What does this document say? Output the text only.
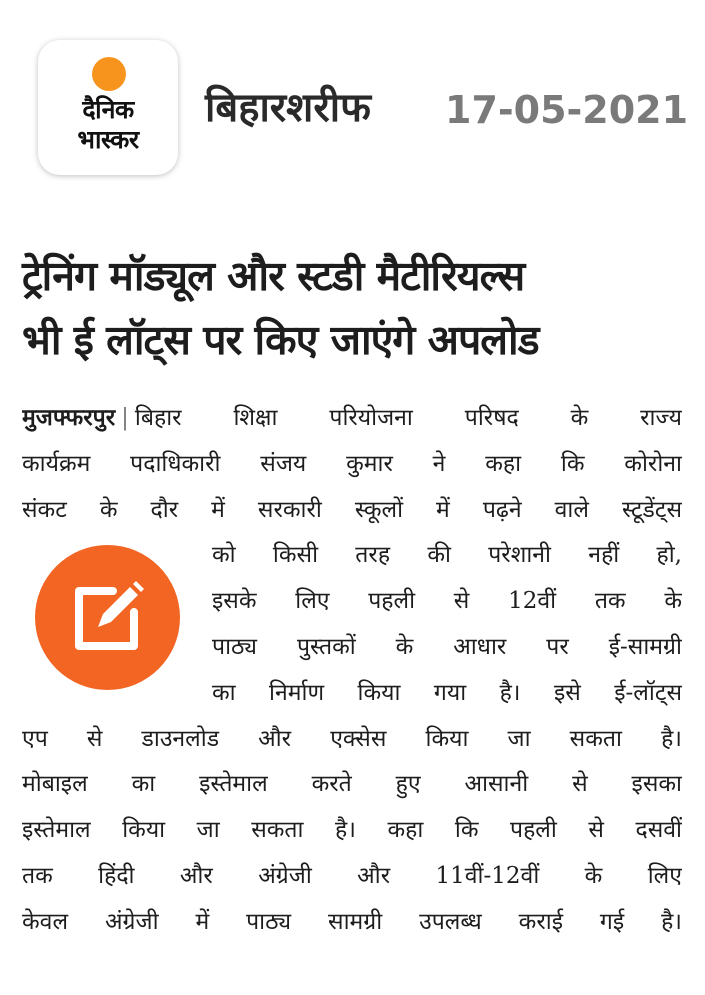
दैनिक
भास्कर
बिहारशरीफ 17-05-2021
ट्रेनिंग मॉड्यूल और स्टडी मैटीरियल्स
भी ई लॉट्स पर किए जाएंगे अपलोड
मुजफ्फरपुर | बिहार शिक्षा परियोजना परिषद के राज्य
कार्यक्रम पदाधिकारी संजय कुमार ने कहा कि कोरोना
संकट के दौर में सरकारी स्कूलों में पढ़ने वाले स्टूडेंट्स
को किसी तरह की परेशानी नहीं हो,
इसके लिए पहली से 12वीं तक के
पाठ्य पुस्तकों के आधार पर ई-सामग्री
का निर्माण किया गया है। इसे ई-लॉट्स
एप से डाउनलोड और एक्सेस किया जा सकता है।
मोबाइल का इस्तेमाल करते हुए आसानी से इसका
इस्तेमाल किया जा सकता है। कहा कि पहली से दसवीं
तक हिंदी और अंग्रेजी और 11वीं-12वीं के लिए
केवल अंग्रेजी में पाठ्य सामग्री उपलब्ध कराई गई है।
